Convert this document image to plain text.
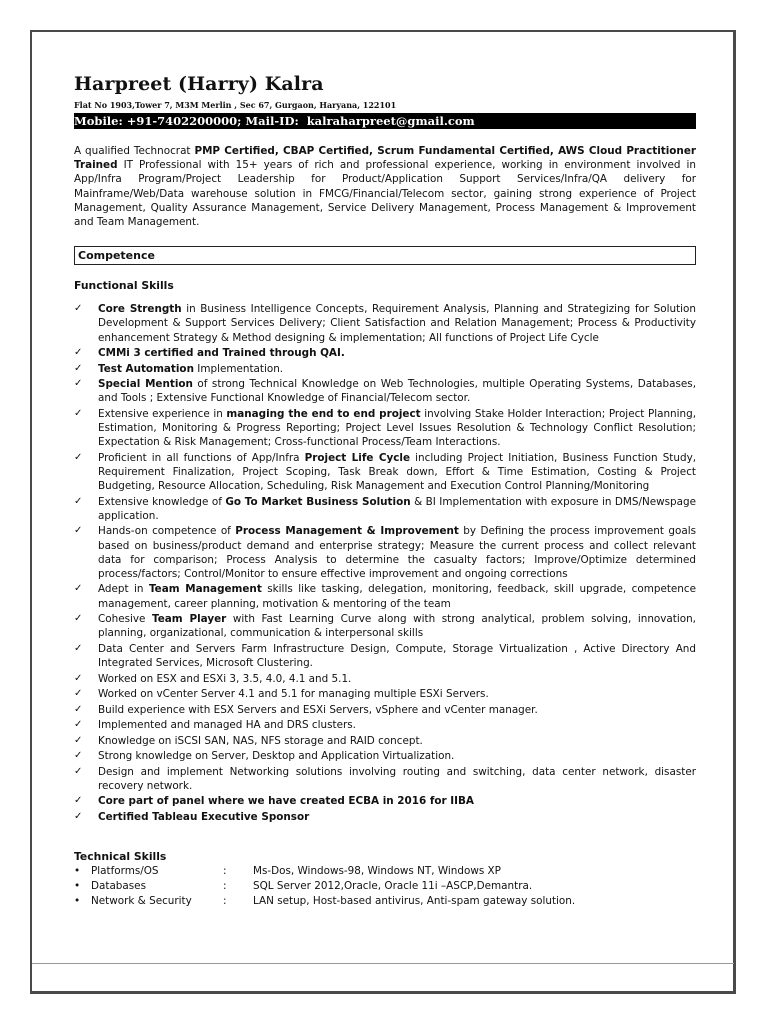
Harpreet (Harry) Kalra
Flat No 1903,Tower 7, M3M Merlin , Sec 67, Gurgaon, Haryana, 122101
Mobile: +91-7402200000; Mail-ID:  kalraharpreet@gmail.com

A qualified Technocrat PMP Certified, CBAP Certified, Scrum Fundamental Certified, AWS Cloud Practitioner Trained IT Professional with 15+ years of rich and professional experience, working in environment involved in App/Infra Program/Project Leadership for Product/Application Support Services/Infra/QA delivery for Mainframe/Web/Data warehouse solution in FMCG/Financial/Telecom sector, gaining strong experience of Project Management, Quality Assurance Management, Service Delivery Management, Process Management & Improvement and Team Management.

Competence
Functional Skills
✓ Core Strength in Business Intelligence Concepts, Requirement Analysis, Planning and Strategizing for Solution Development & Support Services Delivery; Client Satisfaction and Relation Management; Process & Productivity enhancement Strategy & Method designing & implementation; All functions of Project Life Cycle
✓ CMMi 3 certified and Trained through QAI.
✓ Test Automation Implementation.
✓ Special Mention of strong Technical Knowledge on Web Technologies, multiple Operating Systems, Databases, and Tools ; Extensive Functional Knowledge of Financial/Telecom sector.
✓ Extensive experience in managing the end to end project involving Stake Holder Interaction; Project Planning, Estimation, Monitoring & Progress Reporting; Project Level Issues Resolution & Technology Conflict Resolution; Expectation & Risk Management; Cross-functional Process/Team Interactions.
✓ Proficient in all functions of App/Infra Project Life Cycle including Project Initiation, Business Function Study, Requirement Finalization, Project Scoping, Task Break down, Effort & Time Estimation, Costing & Project Budgeting, Resource Allocation, Scheduling, Risk Management and Execution Control Planning/Monitoring
✓ Extensive knowledge of Go To Market Business Solution & BI Implementation with exposure in DMS/Newspage application.
✓ Hands-on competence of Process Management & Improvement by Defining the process improvement goals based on business/product demand and enterprise strategy; Measure the current process and collect relevant data for comparison; Process Analysis to determine the casualty factors; Improve/Optimize determined process/factors; Control/Monitor to ensure effective improvement and ongoing corrections
✓ Adept in Team Management skills like tasking, delegation, monitoring, feedback, skill upgrade, competence management, career planning, motivation & mentoring of the team
✓ Cohesive Team Player with Fast Learning Curve along with strong analytical, problem solving, innovation, planning, organizational, communication & interpersonal skills
✓ Data Center and Servers Farm Infrastructure Design, Compute, Storage Virtualization , Active Directory And Integrated Services, Microsoft Clustering.
✓ Worked on ESX and ESXi 3, 3.5, 4.0, 4.1 and 5.1.
✓ Worked on vCenter Server 4.1 and 5.1 for managing multiple ESXi Servers.
✓ Build experience with ESX Servers and ESXi Servers, vSphere and vCenter manager.
✓ Implemented and managed HA and DRS clusters.
✓ Knowledge on iSCSI SAN, NAS, NFS storage and RAID concept.
✓ Strong knowledge on Server, Desktop and Application Virtualization.
✓ Design and implement Networking solutions involving routing and switching, data center network, disaster recovery network.
✓ Core part of panel where we have created ECBA in 2016 for IIBA
✓ Certified Tableau Executive Sponsor
Technical Skills
•	Platforms/OS	:	Ms-Dos, Windows-98, Windows NT, Windows XP
•	Databases	:	SQL Server 2012,Oracle, Oracle 11i –ASCP,Demantra.
•	Network & Security	:	LAN setup, Host-based antivirus, Anti-spam gateway solution.
